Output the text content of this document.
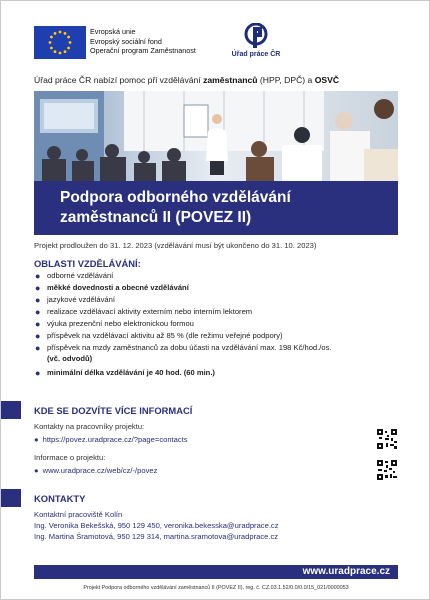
Evropská unie
Evropský sociální fond
Operační program Zaměstnanost	Úřad práce ČR
Úřad práce ČR nabízí pomoc při vzdělávání zaměstnanců (HPP, DPČ) a OSVČ
Podpora odborného vzdělávání
zaměstnanců II (POVEZ II)
Projekt prodloužen do 31. 12. 2023 (vzdělávání musí být ukončeno do 31. 10. 2023)
OBLASTI VZDĚLÁVÁNÍ:
● odborné vzdělávání
● měkké dovednosti a obecné vzdělávání
● jazykové vzdělávání
● realizace vzdělávací aktivity externím nebo interním lektorem
● výuka prezenční nebo elektronickou formou
● příspěvek na vzdělávací aktivitu až 85 % (dle režimu veřejné podpory)
● příspěvek na mzdy zaměstnanců za dobu účasti na vzdělávání max. 198 Kč/hod./os.
(vč. odvodů)
● minimální délka vzdělávání je 40 hod. (60 min.)
KDE SE DOZVÍTE VÍCE INFORMACÍ
Kontakty na pracovníky projektu:
● https://povez.uradprace.cz/?page=contacts
Informace o projektu:
● www.uradprace.cz/web/cz/-/povez
KONTAKTY
Kontaktní pracoviště Kolín
Ing. Veronika Bekešská, 950 129 450, veronika.bekesska@uradprace.cz
Ing. Martina Šramotová, 950 129 314, martina.sramotova@uradprace.cz
www.uradprace.cz
Projekt Podpora odborného vzdělávání zaměstnanců II (POVEZ II), reg. č. CZ.03.1.52/0.0/0.0/15_021/0000053
